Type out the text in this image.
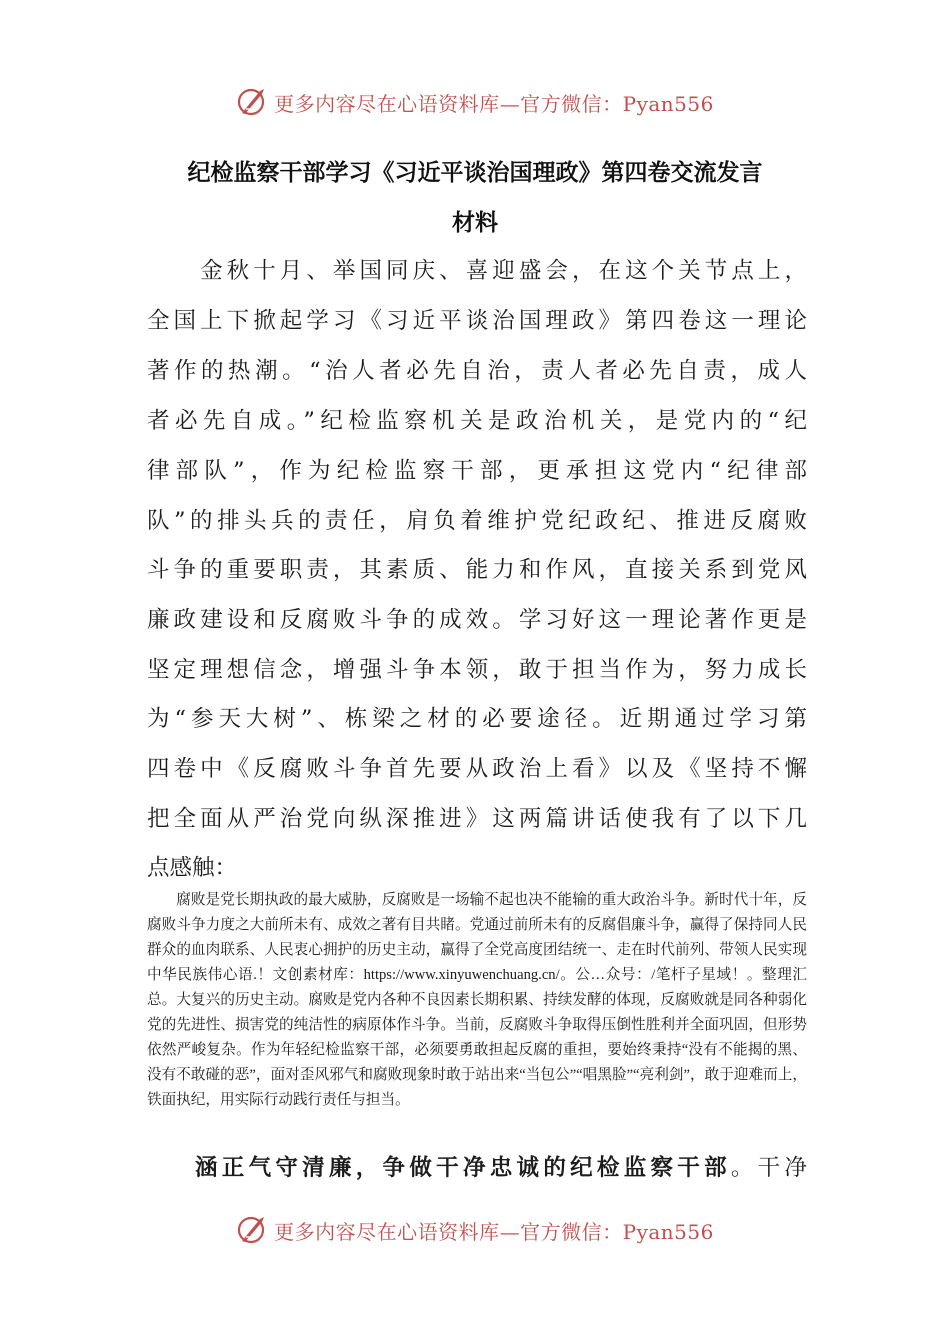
更多内容尽在心语资料库—官方微信：Pyan556
纪检监察干部学习《习近平谈治国理政》第四卷交流发言
材料
　　金秋十月、举国同庆、喜迎盛会，在这个关节点上，
全国上下掀起学习《习近平谈治国理政》第四卷这一理论
著作的热潮。“治人者必先自治，责人者必先自责，成人
者必先自成。”纪检监察机关是政治机关，是党内的“纪
律部队”，作为纪检监察干部，更承担这党内“纪律部
队”的排头兵的责任，肩负着维护党纪政纪、推进反腐败
斗争的重要职责，其素质、能力和作风，直接关系到党风
廉政建设和反腐败斗争的成效。学习好这一理论著作更是
坚定理想信念，增强斗争本领，敢于担当作为，努力成长
为“参天大树”、栋梁之材的必要途径。近期通过学习第
四卷中《反腐败斗争首先要从政治上看》以及《坚持不懈
把全面从严治党向纵深推进》这两篇讲话使我有了以下几
点感触：
腐败是党长期执政的最大威胁，反腐败是一场输不起也决不能输的重大政治斗争。新时代十年，反腐败斗争力度之大前所未有、成效之著有目共睹。党通过前所未有的反腐倡廉斗争，赢得了保持同人民群众的血肉联系、人民衷心拥护的历史主动，赢得了全党高度团结统一、走在时代前列、带领人民实现中华民族伟心语.！文创素材库：https://www.xinyuwenchuang.cn/。公…众号：/笔杆子星域！。整理汇总。大复兴的历史主动。腐败是党内各种不良因素长期积累、持续发酵的体现，反腐败就是同各种弱化党的先进性、损害党的纯洁性的病原体作斗争。当前，反腐败斗争取得压倒性胜利并全面巩固，但形势依然严峻复杂。作为年轻纪检监察干部，必须要勇敢担起反腐的重担，要始终秉持“没有不能揭的黑、没有不敢碰的恶”，面对歪风邪气和腐败现象时敢于站出来“当包公”“唱黑脸”“亮利剑”，敢于迎难而上，铁面执纪，用实际行动践行责任与担当。
涵正气守清廉，争做干净忠诚的纪检监察干部。干净
更多内容尽在心语资料库—官方微信：Pyan556
